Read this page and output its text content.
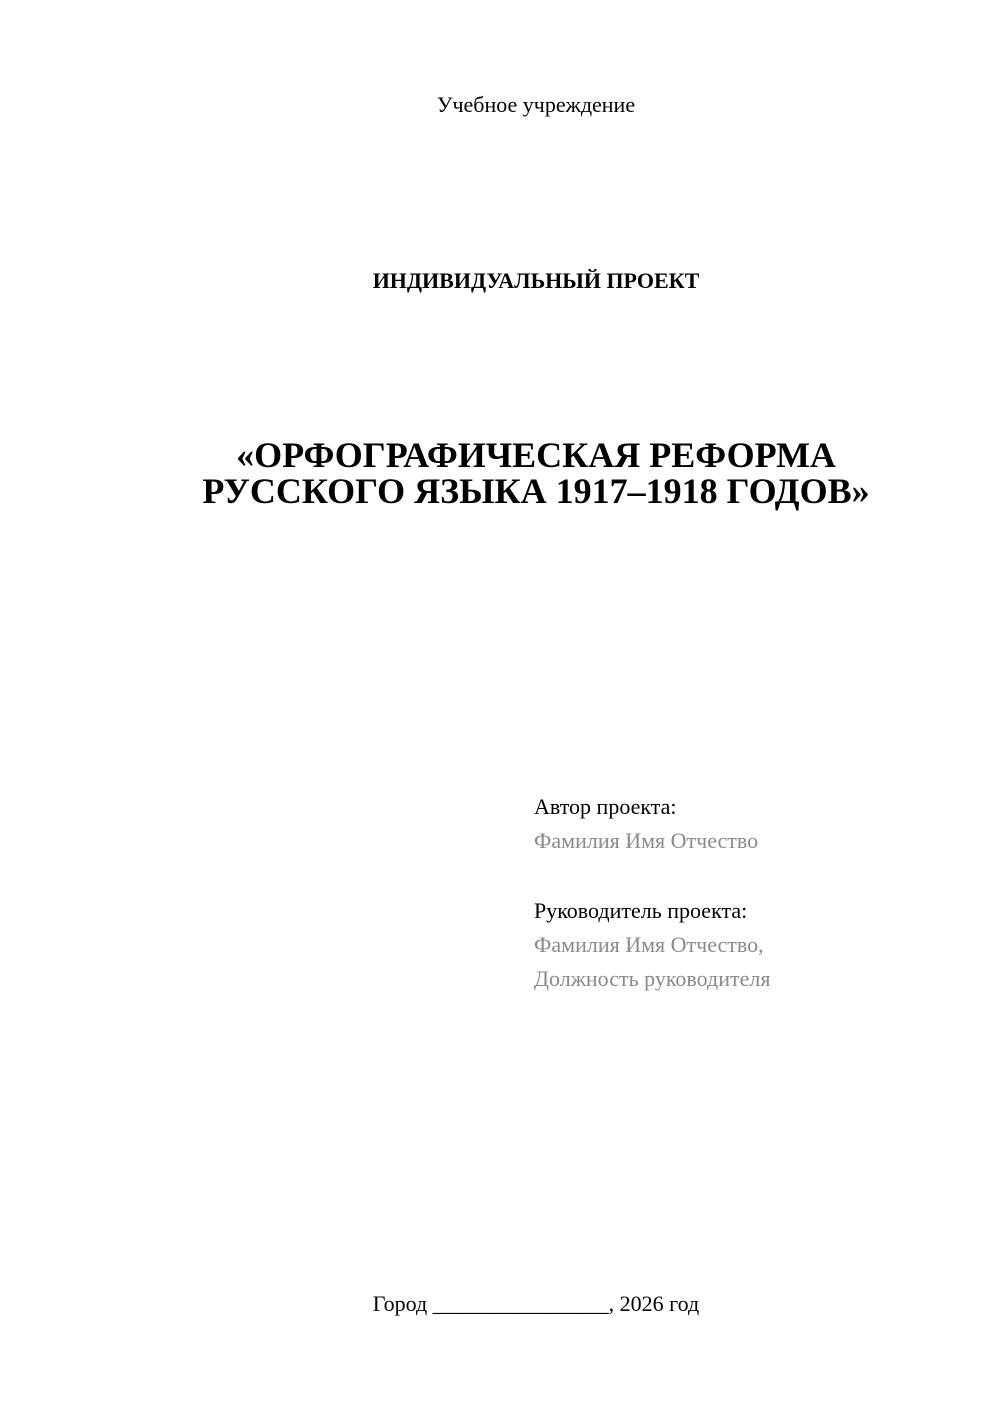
Учебное учреждение
ИНДИВИДУАЛЬНЫЙ ПРОЕКТ
«ОРФОГРАФИЧЕСКАЯ РЕФОРМА
РУССКОГО ЯЗЫКА 1917–1918 ГОДОВ»
Автор проекта:
Фамилия Имя Отчество
Руководитель проекта:
Фамилия Имя Отчество,
Должность руководителя
Город ________________, 2026 год
